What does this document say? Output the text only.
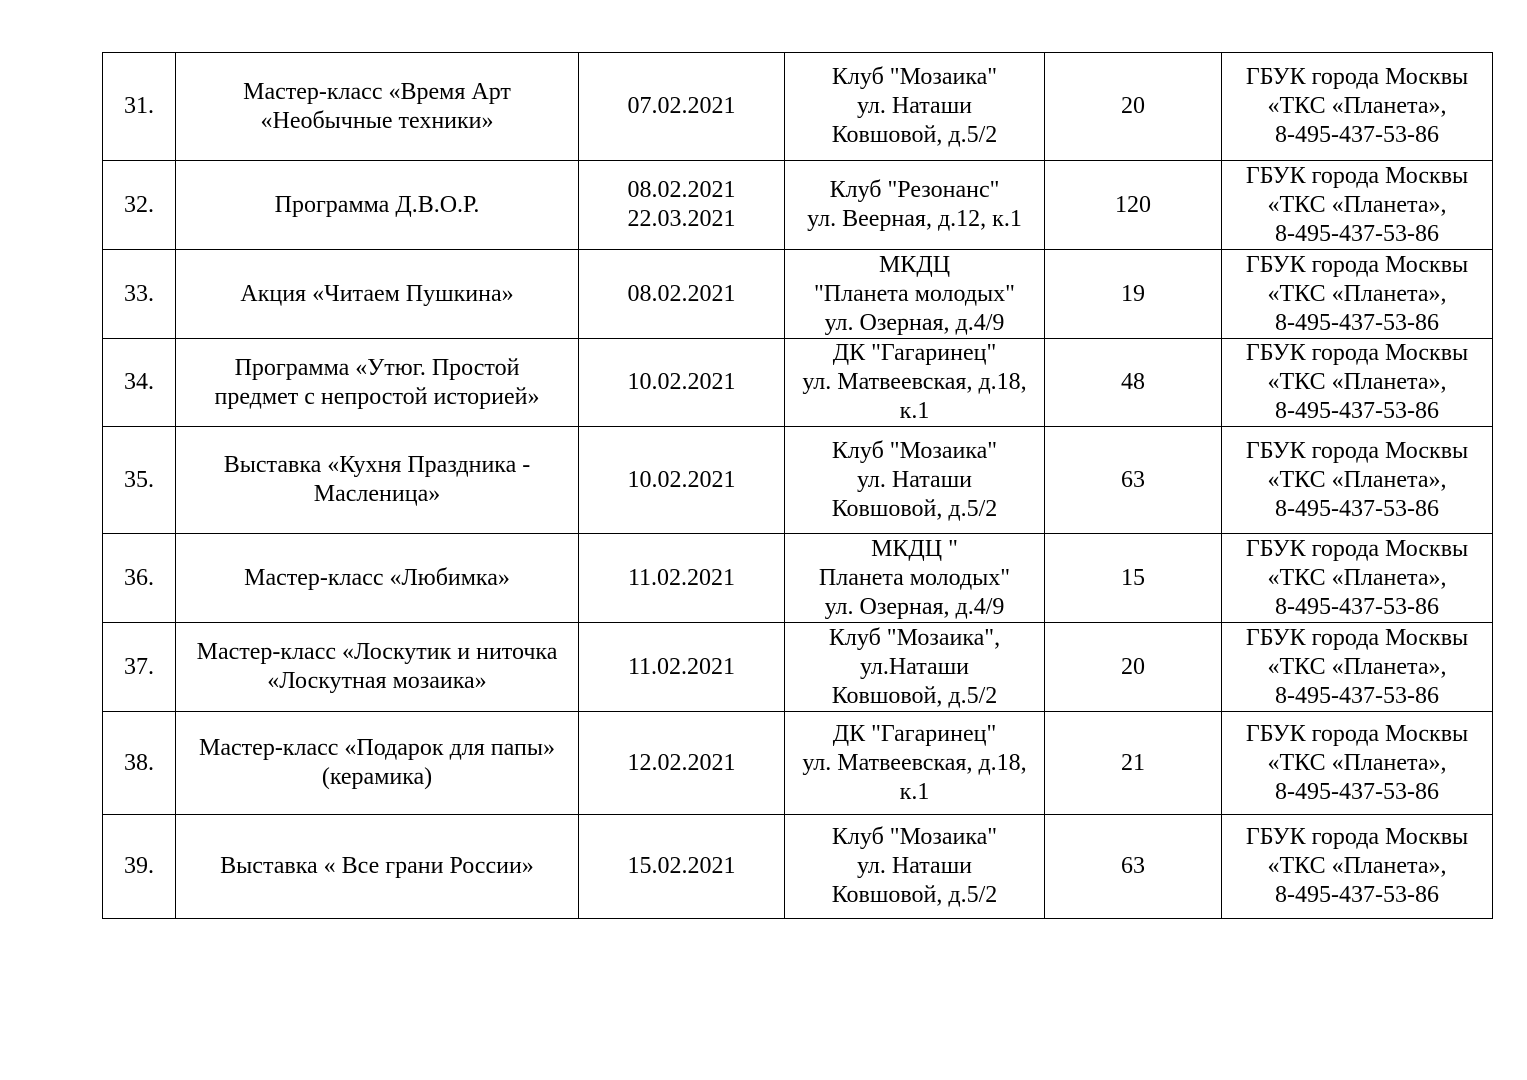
31.	Мастер-класс «Время Арт
«Необычные техники»	07.02.2021	Клуб "Мозаика"
ул. Наташи
Ковшовой, д.5/2	20	ГБУК города Москвы
«ТКС «Планета»,
8-495-437-53-86
32.	Программа Д.В.О.Р.	08.02.2021
22.03.2021	Клуб "Резонанс"
ул. Веерная, д.12, к.1	120	ГБУК города Москвы
«ТКС «Планета»,
8-495-437-53-86
33.	Акция «Читаем Пушкина»	08.02.2021	МКДЦ
"Планета молодых"
ул. Озерная, д.4/9	19	ГБУК города Москвы
«ТКС «Планета»,
8-495-437-53-86
34.	Программа «Утюг. Простой
предмет с непростой историей»	10.02.2021	ДК "Гагаринец"
ул. Матвеевская, д.18,
к.1	48	ГБУК города Москвы
«ТКС «Планета»,
8-495-437-53-86
35.	Выставка «Кухня Праздника -
Масленица»	10.02.2021	Клуб "Мозаика"
ул. Наташи
Ковшовой, д.5/2	63	ГБУК города Москвы
«ТКС «Планета»,
8-495-437-53-86
36.	Мастер-класс «Любимка»	11.02.2021	МКДЦ "
Планета молодых"
ул. Озерная, д.4/9	15	ГБУК города Москвы
«ТКС «Планета»,
8-495-437-53-86
37.	Мастер-класс «Лоскутик и ниточка
«Лоскутная мозаика»	11.02.2021	Клуб "Мозаика",
ул.Наташи
Ковшовой, д.5/2	20	ГБУК города Москвы
«ТКС «Планета»,
8-495-437-53-86
38.	Мастер-класс «Подарок для папы»
(керамика)	12.02.2021	ДК "Гагаринец"
ул. Матвеевская, д.18,
к.1	21	ГБУК города Москвы
«ТКС «Планета»,
8-495-437-53-86
39.	Выставка « Все грани России»	15.02.2021	Клуб "Мозаика"
ул. Наташи
Ковшовой, д.5/2	63	ГБУК города Москвы
«ТКС «Планета»,
8-495-437-53-86
